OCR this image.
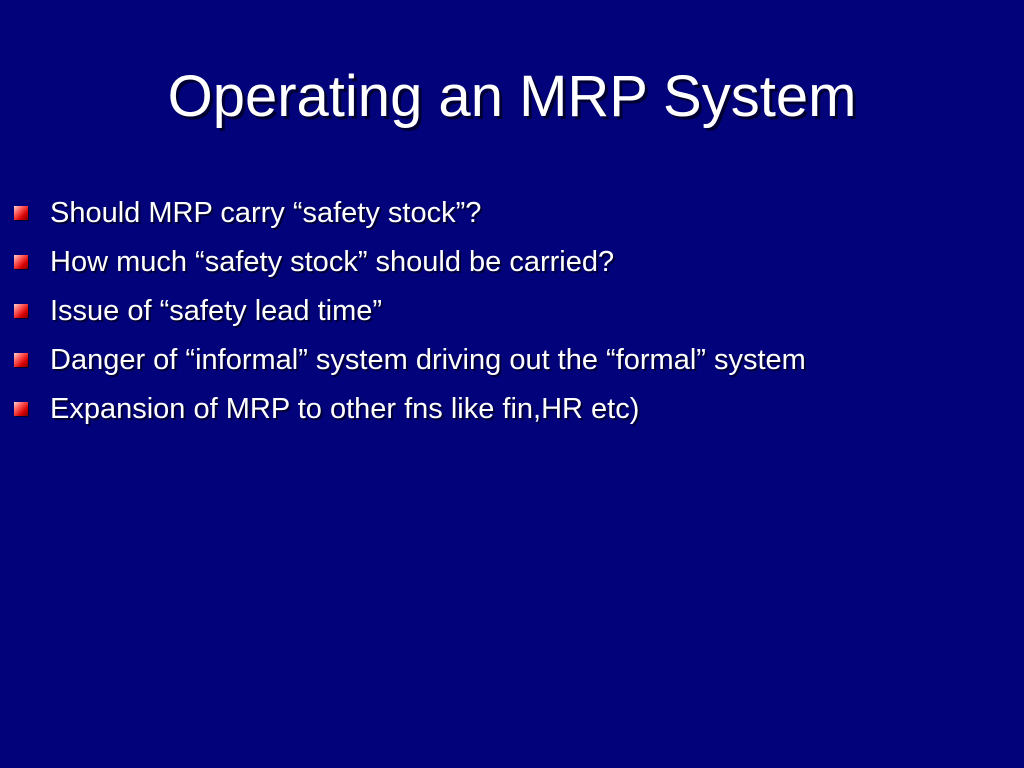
Operating an MRP System
Should MRP carry “safety stock”?
How much “safety stock” should be carried?
Issue of “safety lead time”
Danger of “informal” system driving out the “formal” system
Expansion of MRP to other fns like fin,HR etc)
